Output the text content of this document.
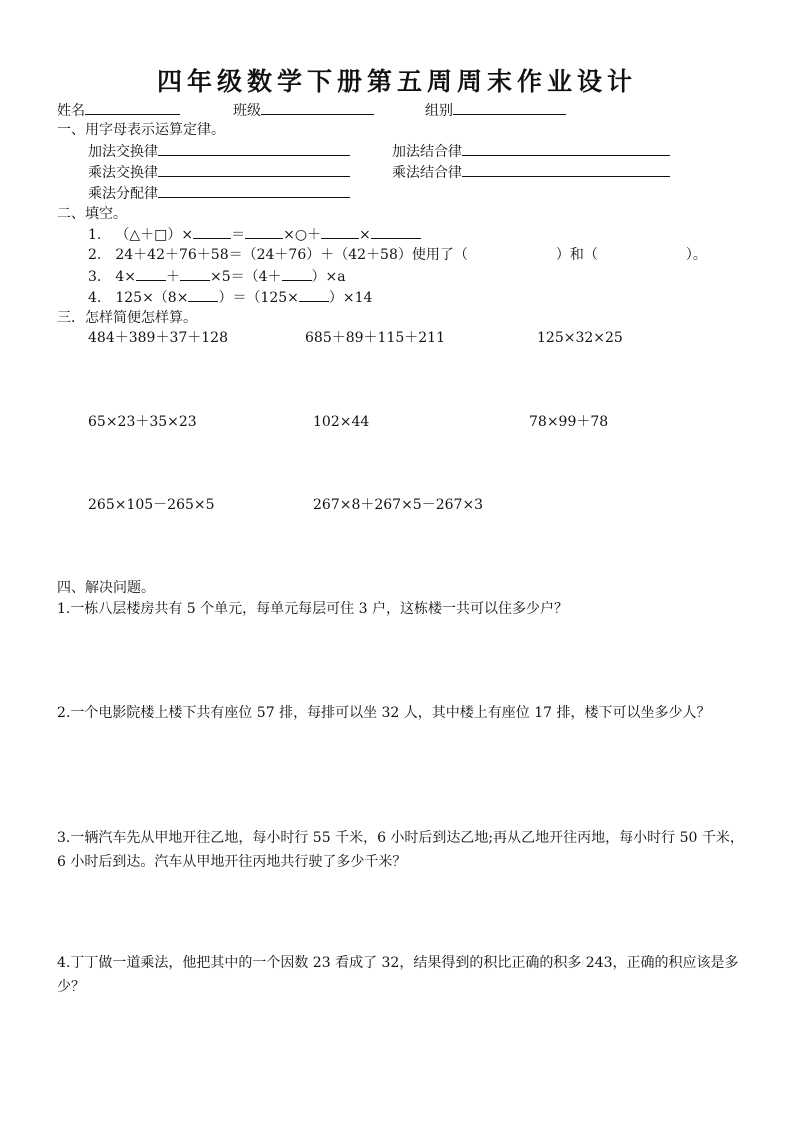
四年级数学下册第五周周末作业设计
姓名	班级	组别
一、用字母表示运算定律。
加法交换律	加法结合律
乘法交换律	乘法结合律
乘法分配律
二、填空。
1. （△＋□）×	＝	×○＋	×
2. 24＋42＋76＋58＝（24＋76）＋（42＋58）使用了（	）和（	）。
3. 4× ＋ ×5＝（4＋ ）×a
4. 125×（8× ）＝（125× ）×14
三．怎样简便怎样算。
484＋389＋37＋128	685＋89＋115＋211	125×32×25
65×23＋35×23	102×44	78×99＋78
265×105－265×5	267×8＋267×5－267×3
四、解决问题。
1.一栋八层楼房共有 5 个单元，每单元每层可住 3 户，这栋楼一共可以住多少户？
2.一个电影院楼上楼下共有座位 57 排，每排可以坐 32 人，其中楼上有座位 17 排，楼下可以坐多少人？
3.一辆汽车先从甲地开往乙地，每小时行 55 千米，6 小时后到达乙地;再从乙地开往丙地，每小时行 50 千米，6 小时后到达。汽车从甲地开往丙地共行驶了多少千米？
4.丁丁做一道乘法，他把其中的一个因数 23 看成了 32，结果得到的积比正确的积多 243，正确的积应该是多少？
